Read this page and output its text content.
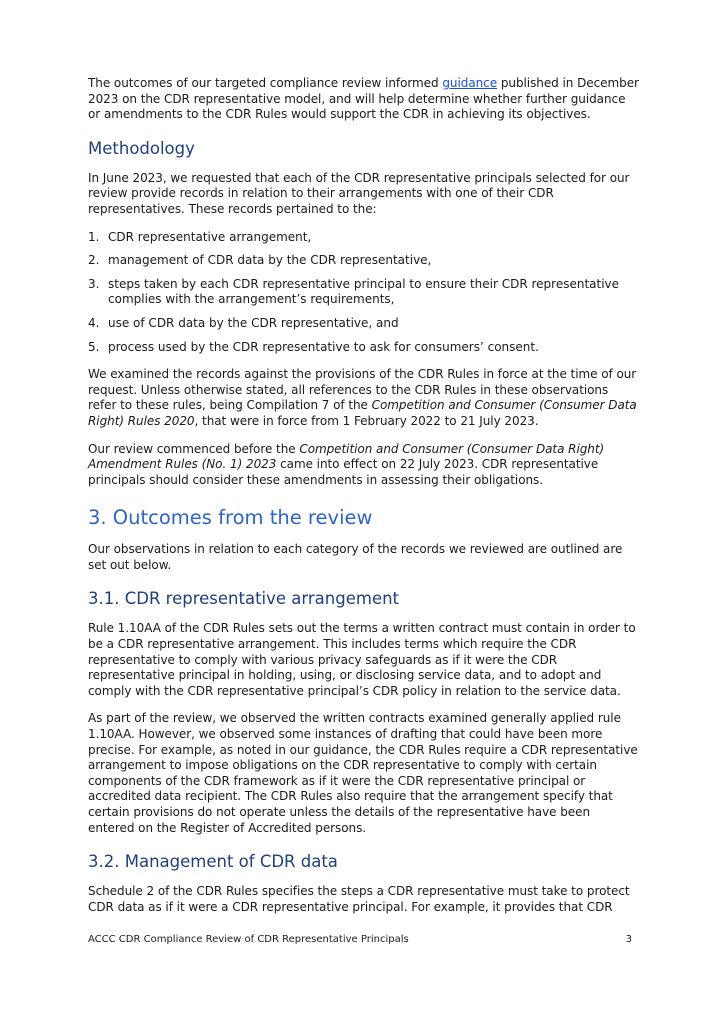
The outcomes of our targeted compliance review informed guidance published in December 2023 on the CDR representative model, and will help determine whether further guidance or amendments to the CDR Rules would support the CDR in achieving its objectives.

Methodology

In June 2023, we requested that each of the CDR representative principals selected for our review provide records in relation to their arrangements with one of their CDR representatives. These records pertained to the:

1. CDR representative arrangement,
2. management of CDR data by the CDR representative,
3. steps taken by each CDR representative principal to ensure their CDR representative complies with the arrangement’s requirements,
4. use of CDR data by the CDR representative, and
5. process used by the CDR representative to ask for consumers’ consent.

We examined the records against the provisions of the CDR Rules in force at the time of our request. Unless otherwise stated, all references to the CDR Rules in these observations refer to these rules, being Compilation 7 of the Competition and Consumer (Consumer Data Right) Rules 2020, that were in force from 1 February 2022 to 21 July 2023.

Our review commenced before the Competition and Consumer (Consumer Data Right) Amendment Rules (No. 1) 2023 came into effect on 22 July 2023. CDR representative principals should consider these amendments in assessing their obligations.

3. Outcomes from the review

Our observations in relation to each category of the records we reviewed are outlined are set out below.

3.1. CDR representative arrangement

Rule 1.10AA of the CDR Rules sets out the terms a written contract must contain in order to be a CDR representative arrangement. This includes terms which require the CDR representative to comply with various privacy safeguards as if it were the CDR representative principal in holding, using, or disclosing service data, and to adopt and comply with the CDR representative principal’s CDR policy in relation to the service data.

As part of the review, we observed the written contracts examined generally applied rule 1.10AA. However, we observed some instances of drafting that could have been more precise. For example, as noted in our guidance, the CDR Rules require a CDR representative arrangement to impose obligations on the CDR representative to comply with certain components of the CDR framework as if it were the CDR representative principal or accredited data recipient. The CDR Rules also require that the arrangement specify that certain provisions do not operate unless the details of the representative have been entered on the Register of Accredited persons.

3.2. Management of CDR data

Schedule 2 of the CDR Rules specifies the steps a CDR representative must take to protect CDR data as if it were a CDR representative principal. For example, it provides that CDR

ACCC CDR Compliance Review of CDR Representative Principals	3
